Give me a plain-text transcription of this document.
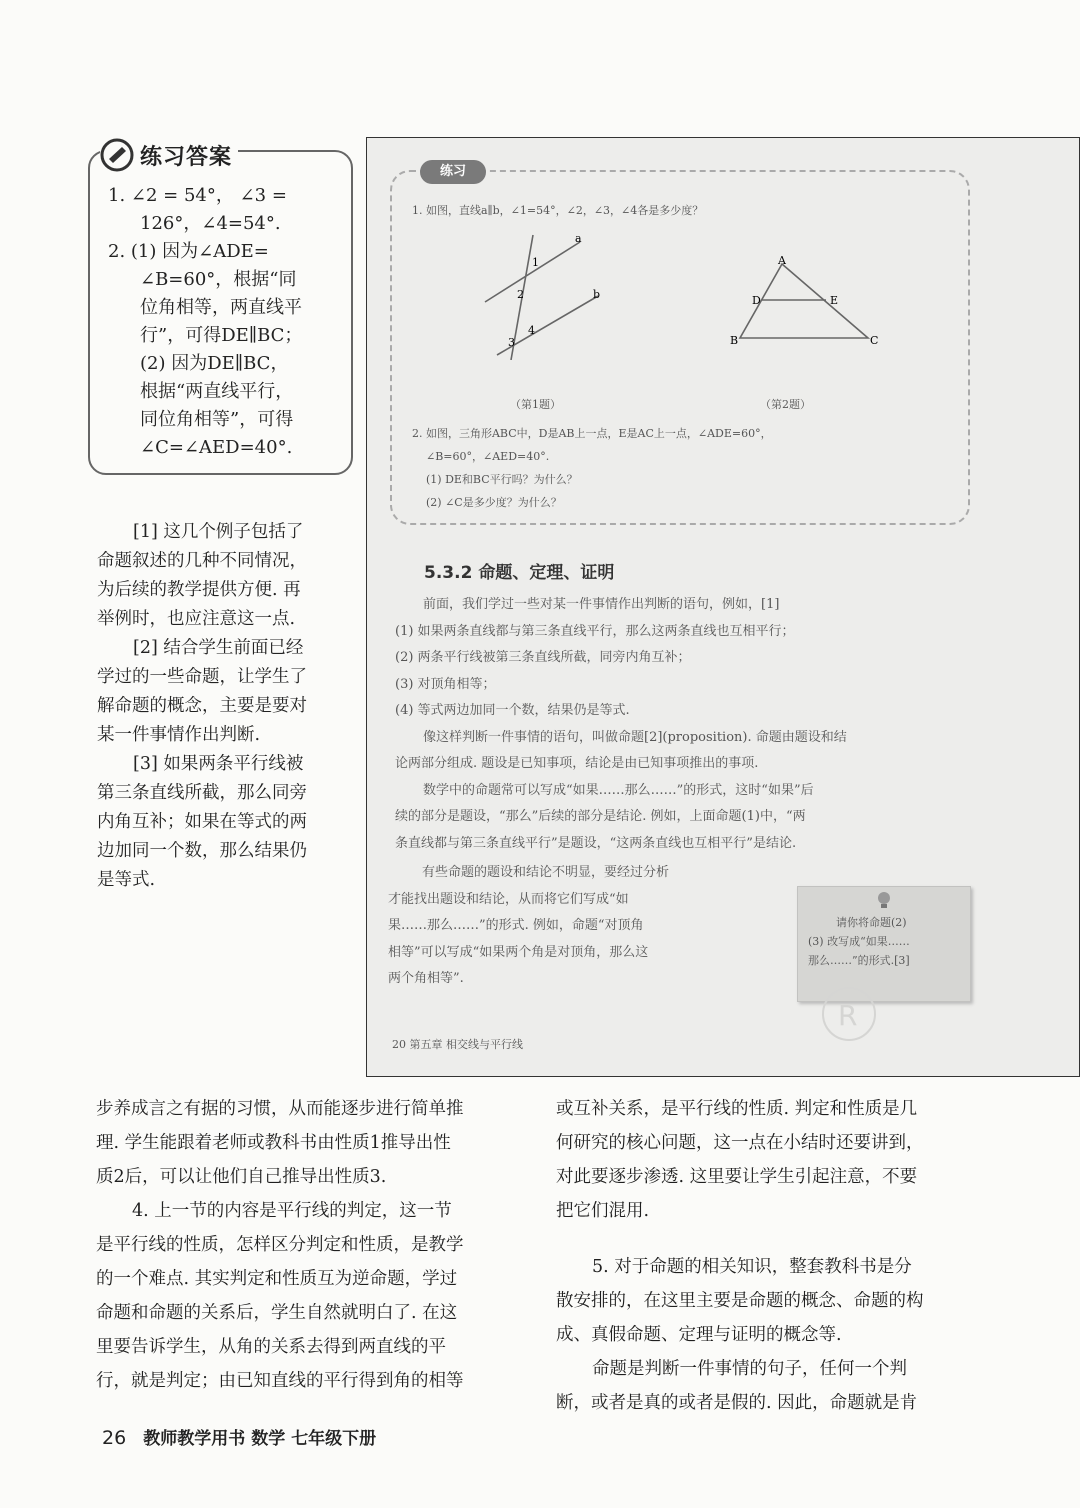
练习答案
1. ∠2 = 54°， ∠3 =
126°，∠4=54°.
2. (1) 因为∠ADE=
∠B=60°，根据“同
位角相等，两直线平
行”，可得DE∥BC；
(2) 因为DE∥BC，
根据“两直线平行，
同位角相等”，可得
∠C=∠AED=40°.
[1] 这几个例子包括了
命题叙述的几种不同情况，
为后续的教学提供方便. 再
举例时，也应注意这一点.
[2] 结合学生前面已经
学过的一些命题，让学生了
解命题的概念，主要是要对
某一件事情作出判断.
[3] 如果两条平行线被
第三条直线所截，那么同旁
内角互补；如果在等式的两
边加同一个数，那么结果仍
是等式.
练习
1. 如图，直线a∥b，∠1=54°，∠2，∠3，∠4各是多少度？
a
b
1
2
3
4
A
B	C
D	E
（第1题）	（第2题）
2. 如图，三角形ABC中，D是AB上一点，E是AC上一点，∠ADE=60°，
∠B=60°，∠AED=40°.
(1) DE和BC平行吗？为什么？
(2) ∠C是多少度？为什么？
5.3.2 命题、定理、证明
前面，我们学过一些对某一件事情作出判断的语句，例如，[1]
(1) 如果两条直线都与第三条直线平行，那么这两条直线也互相平行；
(2) 两条平行线被第三条直线所截，同旁内角互补；
(3) 对顶角相等；
(4) 等式两边加同一个数，结果仍是等式.
像这样判断一件事情的语句，叫做命题[2](proposition). 命题由题设和结
论两部分组成. 题设是已知事项，结论是由已知事项推出的事项.
数学中的命题常可以写成“如果……那么……”的形式，这时“如果”后
续的部分是题设，“那么”后续的部分是结论. 例如，上面命题(1)中，“两
条直线都与第三条直线平行”是题设，“这两条直线也互相平行”是结论.
有些命题的题设和结论不明显，要经过分析
才能找出题设和结论，从而将它们写成“如
果……那么……”的形式. 例如，命题“对顶角
相等”可以写成“如果两个角是对顶角，那么这
两个角相等”.
请你将命题(2)
(3) 改写成“如果……
那么……”的形式.[3]
20 第五章 相交线与平行线
R
步养成言之有据的习惯，从而能逐步进行简单推
理. 学生能跟着老师或教科书由性质1推导出性
质2后，可以让他们自己推导出性质3.
4. 上一节的内容是平行线的判定，这一节
是平行线的性质，怎样区分判定和性质，是教学
的一个难点. 其实判定和性质互为逆命题，学过
命题和命题的关系后，学生自然就明白了. 在这
里要告诉学生，从角的关系去得到两直线的平
行，就是判定；由已知直线的平行得到角的相等
或互补关系，是平行线的性质. 判定和性质是几
何研究的核心问题，这一点在小结时还要讲到，
对此要逐步渗透. 这里要让学生引起注意，不要
把它们混用.
5. 对于命题的相关知识，整套教科书是分
散安排的，在这里主要是命题的概念、命题的构
成、真假命题、定理与证明的概念等.
命题是判断一件事情的句子，任何一个判
断，或者是真的或者是假的. 因此，命题就是肯
26 教师教学用书 数学 七年级下册
